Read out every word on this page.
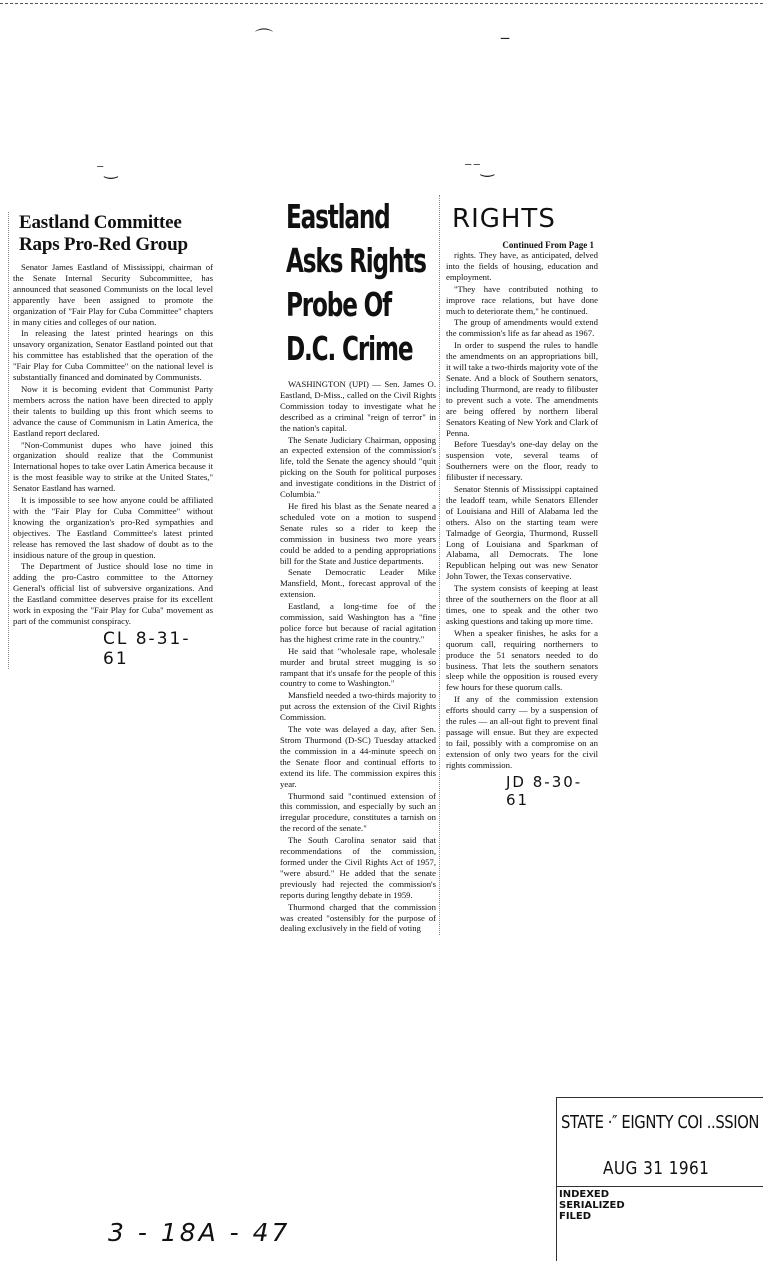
⌒	‒
⁻‿	⁻⁻‿
Eastland Committee Raps Pro-Red Group

Senator James Eastland of Mississippi, chairman of the Senate Internal Security Subcommittee, has announced that seasoned Communists on the local level apparently have been assigned to promote the organization of "Fair Play for Cuba Committee" chapters in many cities and colleges of our nation.

In releasing the latest printed hearings on this unsavory organization, Senator Eastland pointed out that his committee has established that the operation of the "Fair Play for Cuba Committee" on the national level is substantially financed and dominated by Communists.

Now it is becoming evident that Communist Party members across the nation have been directed to apply their talents to building up this front which seems to advance the cause of Communism in Latin America, the Eastland report declared.

"Non-Communist dupes who have joined this organization should realize that the Communist International hopes to take over Latin America because it is the most feasible way to strike at the United States," Senator Eastland has warned.

It is impossible to see how anyone could be affiliated with the "Fair Play for Cuba Committee" without knowing the organization's pro-Red sympathies and objectives. The Eastland Committee's latest printed release has removed the last shadow of doubt as to the insidious nature of the group in question.

The Department of Justice should lose no time in adding the pro-Castro committee to the Attorney General's official list of subversive organizations. And the Eastland committee deserves praise for its excellent work in exposing the "Fair Play for Cuba" movement as part of the communist conspiracy.

CL 8-31-61
Eastland Asks Rights Probe Of D.C. Crime

WASHINGTON (UPI) — Sen. James O. Eastland, D-Miss., called on the Civil Rights Commission today to investigate what he described as a criminal "reign of terror" in the nation's capital.

The Senate Judiciary Chairman, opposing an expected extension of the commission's life, told the Senate the agency should "quit picking on the South for political purposes and investigate conditions in the District of Columbia."

He fired his blast as the Senate neared a scheduled vote on a motion to suspend Senate rules so a rider to keep the commission in business two more years could be added to a pending appropriations bill for the State and Justice departments.

Senate Democratic Leader Mike Mansfield, Mont., forecast approval of the extension.

Eastland, a long-time foe of the commission, said Washington has a "fine police force but because of racial agitation has the highest crime rate in the country."

He said that "wholesale rape, wholesale murder and brutal street mugging is so rampant that it's unsafe for the people of this country to come to Washington."

Mansfield needed a two-thirds majority to put across the extension of the Civil Rights Commission.

The vote was delayed a day, after Sen. Strom Thurmond (D-SC) Tuesday attacked the commission in a 44-minute speech on the Senate floor and continual efforts to extend its life. The commission expires this year.

Thurmond said "continued extension of this commission, and especially by such an irregular procedure, constitutes a tarnish on the record of the senate."

The South Carolina senator said that recommendations of the commission, formed under the Civil Rights Act of 1957, "were absurd." He added that the senate previously had rejected the commission's reports during lengthy debate in 1959.

Thurmond charged that the commission was created "ostensibly for the purpose of dealing exclusively in the field of voting

RIGHTS
Continued From Page 1

rights. They have, as anticipated, delved into the fields of housing, education and employment.

"They have contributed nothing to improve race relations, but have done much to deteriorate them," he continued.

The group of amendments would extend the commission's life as far ahead as 1967.

In order to suspend the rules to handle the amendments on an appropriations bill, it will take a two-thirds majority vote of the Senate. And a block of Southern senators, including Thurmond, are ready to filibuster to prevent such a vote. The amendments are being offered by northern liberal Senators Keating of New York and Clark of Penna.

Before Tuesday's one-day delay on the suspension vote, several teams of Southerners were on the floor, ready to filibuster if necessary.

Senator Stennis of Mississippi captained the leadoff team, while Senators Ellender of Louisiana and Hill of Alabama led the others. Also on the starting team were Talmadge of Georgia, Thurmond, Russell Long of Louisiana and Sparkman of Alabama, all Democrats. The lone Republican helping out was new Senator John Tower, the Texas conservative.

The system consists of keeping at least three of the southerners on the floor at all times, one to speak and the other two asking questions and taking up more time.

When a speaker finishes, he asks for a quorum call, requiring northerners to produce the 51 senators needed to do business. That lets the southern senators sleep while the opposition is roused every few hours for these quorum calls.

If any of the commission extension efforts should carry — by a suspension of the rules — an all-out fight to prevent final passage will ensue. But they are expected to fail, possibly with a compromise on an extension of only two years for the civil rights commission.

JD 8-30-61
STATE ·″ EIGNTY COI ..SSION
AUG 31 1961
INDEXED
SERIALIZED
FILED
3 - 18A - 47
